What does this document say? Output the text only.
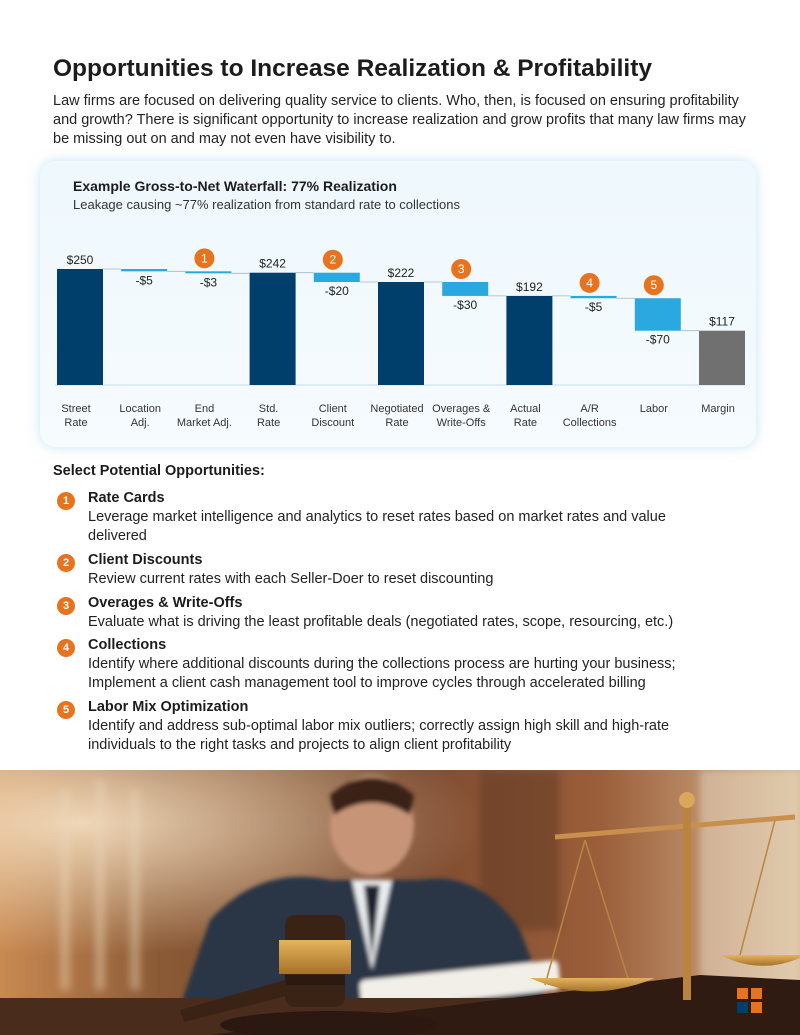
Opportunities to Increase Realization & Profitability

Law firms are focused on delivering quality service to clients. Who, then, is focused on ensuring profitability and growth? There is significant opportunity to increase realization and grow profits that many law firms may be missing out on and may not even have visibility to.

Example Gross-to-Net Waterfall: 77% Realization
Leakage causing ~77% realization from standard rate to collections
$250
Street
Rate
-$5
Location
Adj.
-$3
1
End
Market Adj.
$242
Std.
Rate
-$20
2
Client
Discount
$222
Negotiated
Rate
-$30
3
Overages &
Write-Offs
$192
Actual
Rate
-$5
4
A/R
Collections
-$70
5
Labor
$117
Margin
Select Potential Opportunities:
1	Rate Cards
Leverage market intelligence and analytics to reset rates based on market rates and value delivered
2	Client Discounts
Review current rates with each Seller-Doer to reset discounting
3	Overages & Write-Offs
Evaluate what is driving the least profitable deals (negotiated rates, scope, resourcing, etc.)
4	Collections
Identify where additional discounts during the collections process are hurting your business; Implement a client cash management tool to improve cycles through accelerated billing
5	Labor Mix Optimization
Identify and address sub-optimal labor mix outliers; correctly assign high skill and high-rate individuals to the right tasks and projects to align client profitability
